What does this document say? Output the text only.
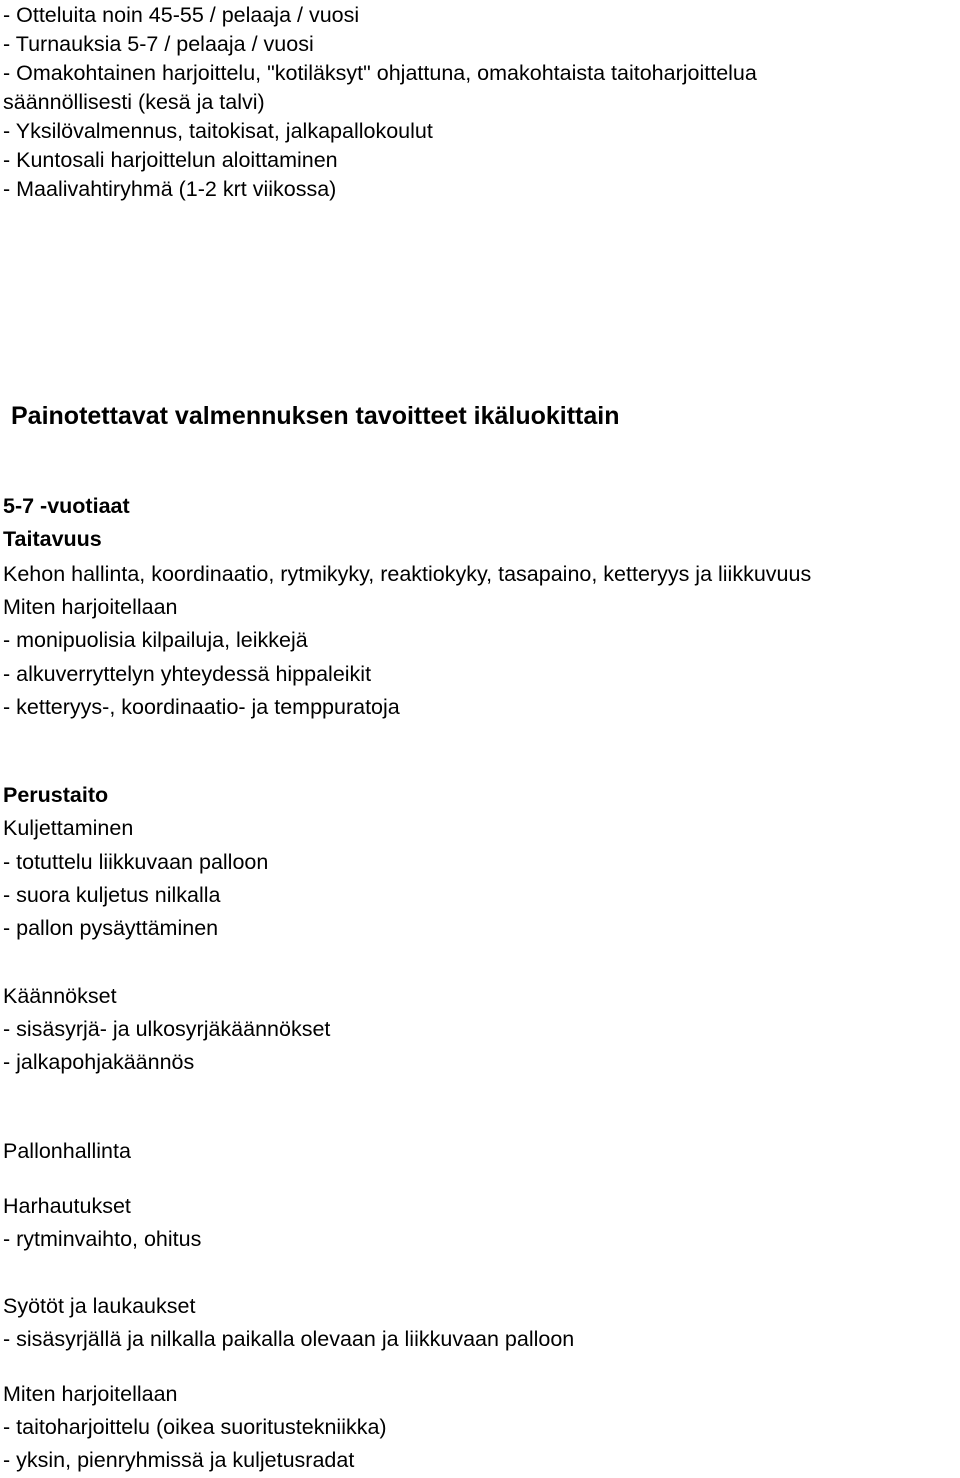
- Otteluita noin 45-55 / pelaaja / vuosi
- Turnauksia 5-7 / pelaaja / vuosi
- Omakohtainen harjoittelu, "kotiläksyt" ohjattuna, omakohtaista taitoharjoittelua
säännöllisesti (kesä ja talvi)
- Yksilövalmennus, taitokisat, jalkapallokoulut
- Kuntosali harjoittelun aloittaminen
- Maalivahtiryhmä (1-2 krt viikossa)
Painotettavat valmennuksen tavoitteet ikäluokittain
5-7 -vuotiaat
Taitavuus
Kehon hallinta, koordinaatio, rytmikyky, reaktiokyky, tasapaino, ketteryys ja liikkuvuus
Miten harjoitellaan
- monipuolisia kilpailuja, leikkejä
- alkuverryttelyn yhteydessä hippaleikit
- ketteryys-, koordinaatio- ja temppuratoja
Perustaito
Kuljettaminen
- totuttelu liikkuvaan palloon
- suora kuljetus nilkalla
- pallon pysäyttäminen
Käännökset
- sisäsyrjä- ja ulkosyrjäkäännökset
- jalkapohjakäännös
Pallonhallinta
Harhautukset
- rytminvaihto, ohitus
Syötöt ja laukaukset
- sisäsyrjällä ja nilkalla paikalla olevaan ja liikkuvaan palloon
Miten harjoitellaan
- taitoharjoittelu (oikea suoritustekniikka)
- yksin, pienryhmissä ja kuljetusradat
